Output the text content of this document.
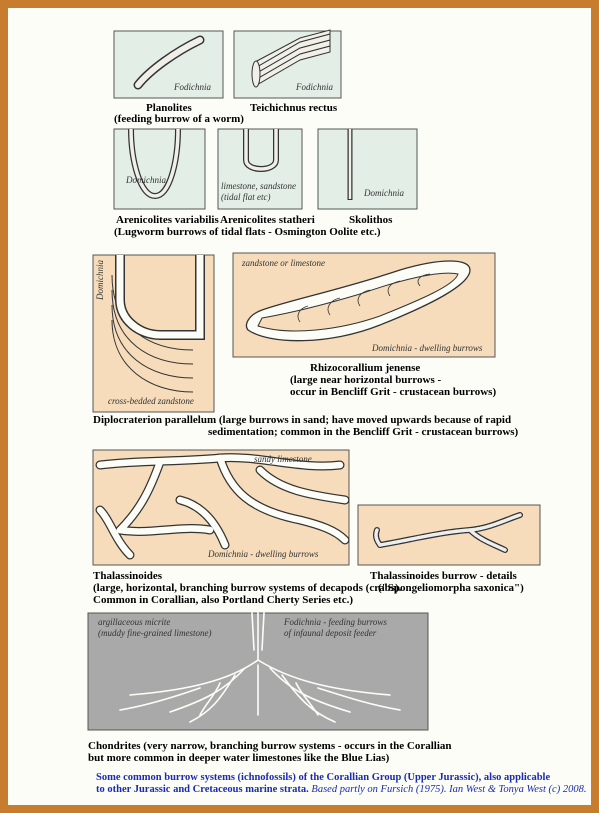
Fodichnia	Fodichnia
Domichnia
limestone, sandstone
(tidal flat etc)	Domichnia
Domichnia
cross-bedded zandstone
zandstone or limestone
Domichnia - dwelling burrows
sandy limestone
Domichnia - dwelling burrows
argillaceous micrite
(muddy fine-grained limestone)
Fodichnia - feeding burrows
of infaunal deposit feeder
Planolites
(feeding burrow of a worm)
Teichichnus rectus
Arenicolites variabilis Arenicolites statheri	Skolithos
(Lugworm burrows of tidal flats - Osmington Oolite etc.)
Rhizocorallium jenense
(large near horizontal burrows -
occur in Bencliff Grit - crustacean burrows)
Diplocraterion parallelum (large burrows in sand; have moved upwards because of rapid
sedimentation; common in the Bencliff Grit - crustacean burrows)
Thalassinoides
(large, horizontal, branching burrow systems of decapods (crabs).
Common in Corallian, also Portland Cherty Series etc.)
Thalassinoides burrow - details
("Spongeliomorpha saxonica")
Chondrites (very narrow, branching burrow systems - occurs in the Corallian
but more common in deeper water limestones like the Blue Lias)
Some common burrow systems (ichnofossils) of the Corallian Group (Upper Jurassic), also applicable
to other Jurassic and Cretaceous marine strata. Based partly on Fursich (1975). Ian West & Tonya West (c) 2008.
